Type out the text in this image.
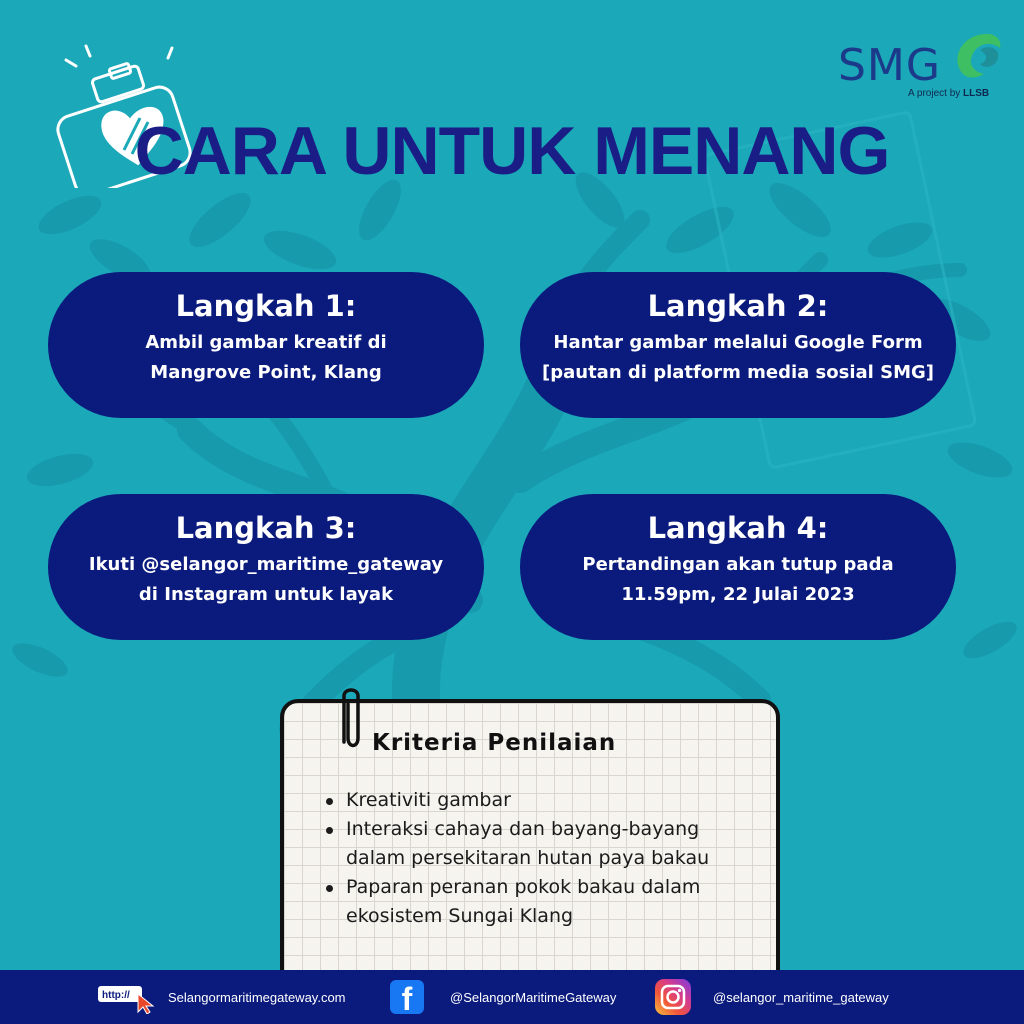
SMG
A project by LLSB
CARA UNTUK MENANG
Langkah 1:

Ambil gambar kreatif di
Mangrove Point, Klang

Langkah 2:

Hantar gambar melalui Google Form
[pautan di platform media sosial SMG]

Langkah 3:

Ikuti @selangor_maritime_gateway
di Instagram untuk layak

Langkah 4:

Pertandingan akan tutup pada
11.59pm, 22 Julai 2023

Kriteria Penilaian
Kreativiti gambar
Interaksi cahaya dan bayang-bayang dalam persekitaran hutan paya bakau
Paparan peranan pokok bakau dalam ekosistem Sungai Klang
http://	Selangormaritimegateway.com f	@SelangorMaritimeGateway	@selangor_maritime_gateway
